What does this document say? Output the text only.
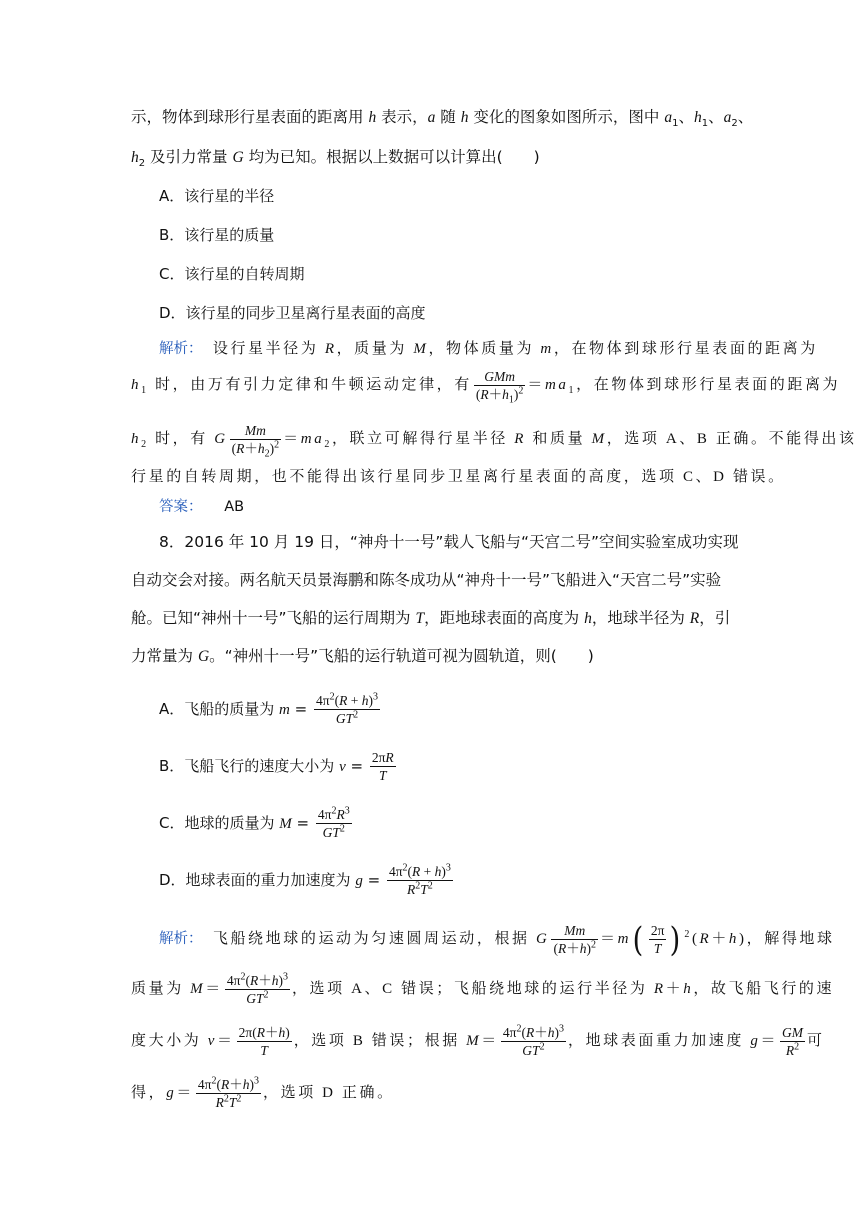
示，物体到球形行星表面的距离用 h 表示，a 随 h 变化的图象如图所示，图中 $a_1$、$h_1$、$a_2$、
$h_2$ 及引力常量 G 均为已知。根据以上数据可以计算出(　　)
A．该行星的半径
B．该行星的质量
C．该行星的自转周期
D．该行星的同步卫星离行星表面的高度
解析：　设行星半径为 R，质量为 M，物体质量为 m，在物体到球形行星表面的距离为
$h_1$ 时，由万有引力定律和牛顿运动定律，有 $\frac{\text{GMm}}{(R+h_1)^2} =ma_1$，在物体到球形行星表面的距离为
$h_2$ 时，有 G $\frac{Mm}{(R+h_2)^2} =ma_2$，联立可解得行星半径 R 和质量 M，选项 A、B 正确。不能得出该
行星的自转周期，也不能得出该行星同步卫星离行星表面的高度，选项 C、D 错误。
答案：　　 AB
8．2016 年 10 月 19 日，“神舟十一号”载人飞船与“天宫二号”空间实验室成功实现
自动交会对接。两名航天员景海鹏和陈冬成功从“神舟十一号”飞船进入“天宫二号”实验
舱。已知“神州十一号”飞船的运行周期为 T，距地球表面的高度为 h，地球半径为 R，引
力常量为 G。“神州十一号”飞船的运行轨道可视为圆轨道，则(　　)
A．飞船的质量为 $m = \frac{4\pi^2(R + h)^3}{GT^2}$
B．飞船飞行的速度大小为 $v = \frac{2\pi R}{T}$
C．地球的质量为 $M = \frac{4\pi^2R^3}{GT^2}$
D．地球表面的重力加速度为 $g = \frac{4\pi^2(R + h)^3}{R^2T^2}$
解析：　飞船绕地球的运动为匀速圆周运动，根据 G $\frac{Mm}{(R+h)^2} =m( \frac{2\pi}{T}$ ) $^2$(R＋h)，解得地球
质量为 $M= \frac{4\pi^2(R+h)^3}{GT^2}$ ，选项 A、C 错误；飞船绕地球的运行半径为 R＋h，故飞船飞行的速
度大小为 $v= \frac{2\pi(R+h)}{T}$ ，选项 B 错误；根据 $M= \frac{4\pi^2(R+h)^3}{GT^2}$ ，地球表面重力加速度 $g= \frac{GM}{R^2}$ 可
得，$g= \frac{4\pi^2(R+h)^3}{R^2T^2}$ ，选项 D 正确。
